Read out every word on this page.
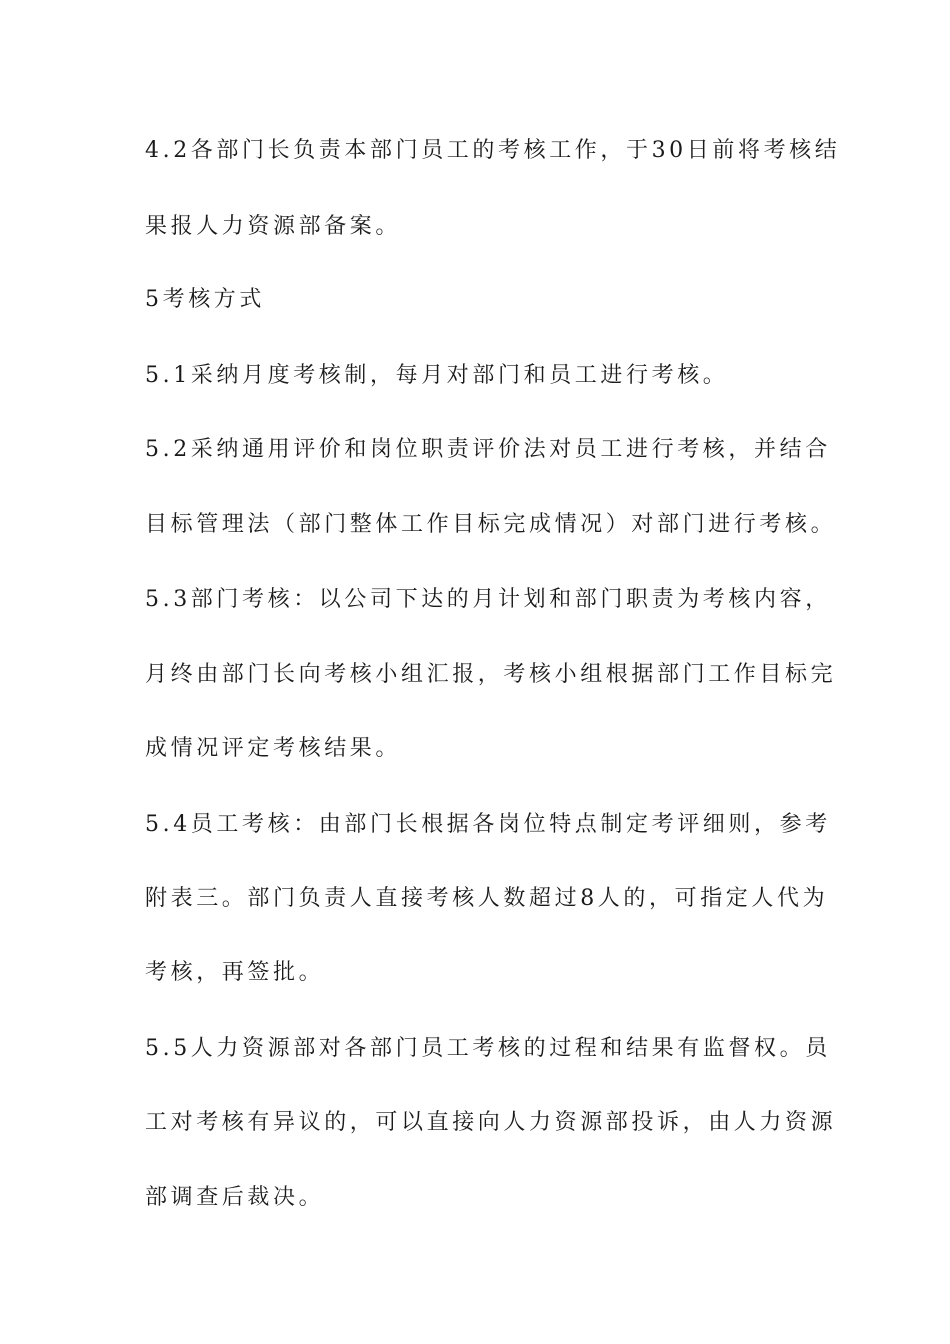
4.2各部门长负责本部门员工的考核工作，于30日前将考核结
果报人力资源部备案。
5考核方式
5.1采纳月度考核制，每月对部门和员工进行考核。
5.2采纳通用评价和岗位职责评价法对员工进行考核，并结合
目标管理法（部门整体工作目标完成情况）对部门进行考核。
5.3部门考核：以公司下达的月计划和部门职责为考核内容，
月终由部门长向考核小组汇报，考核小组根据部门工作目标完
成情况评定考核结果。
5.4员工考核：由部门长根据各岗位特点制定考评细则，参考
附表三。部门负责人直接考核人数超过8人的，可指定人代为
考核，再签批。
5.5人力资源部对各部门员工考核的过程和结果有监督权。员
工对考核有异议的，可以直接向人力资源部投诉，由人力资源
部调查后裁决。
